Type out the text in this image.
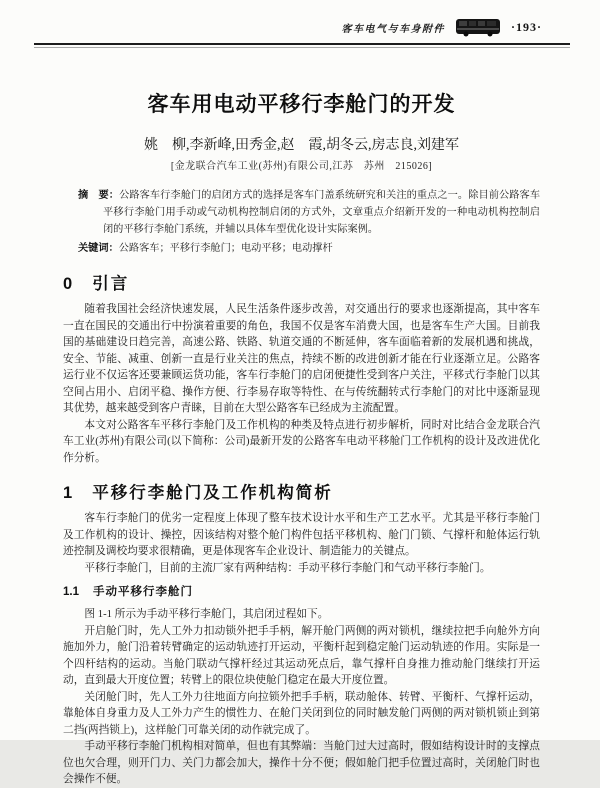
客车电气与车身附件	·193·
客车用电动平移行李舱门的开发
姚　柳,李新峰,田秀金,赵　霞,胡冬云,房志良,刘建军
[金龙联合汽车工业(苏州)有限公司,江苏　苏州　215026]
摘　要：公路客车行李舱门的启闭方式的选择是客车门盖系统研究和关注的重点之一。除目前公路客车平移行李舱门用手动或气动机构控制启闭的方式外，文章重点介绍新开发的一种电动机构控制启闭的平移行李舱门系统，并辅以具体车型优化设计实际案例。
关键词：公路客车；平移行李舱门；电动平移；电动撑杆
0 引言

随着我国社会经济快速发展，人民生活条件逐步改善，对交通出行的要求也逐渐提高，其中客车一直在国民的交通出行中扮演着重要的角色，我国不仅是客车消费大国，也是客车生产大国。目前我国的基础建设日趋完善，高速公路、铁路、轨道交通的不断延伸，客车面临着新的发展机遇和挑战，安全、节能、减重、创新一直是行业关注的焦点，持续不断的改进创新才能在行业逐渐立足。公路客运行业不仅运客还要兼顾运货功能，客车行李舱门的启闭便捷性受到客户关注，平移式行李舱门以其空间占用小、启闭平稳、操作方便、行李易存取等特性、在与传统翻转式行李舱门的对比中逐渐显现其优势，越来越受到客户青睐，目前在大型公路客车已经成为主流配置。

本文对公路客车平移行李舱门及工作机构的种类及特点进行初步解析，同时对比结合金龙联合汽车工业(苏州)有限公司(以下简称：公司)最新开发的公路客车电动平移舱门工作机构的设计及改进优化作分析。

1 平移行李舱门及工作机构简析

客车行李舱门的优劣一定程度上体现了整车技术设计水平和生产工艺水平。尤其是平移行李舱门及工作机构的设计、操控，因该结构对整个舱门构件包括平移机构、舱门门锁、气撑杆和舱体运行轨迹控制及调校均要求很精确，更是体现客车企业设计、制造能力的关键点。

平移行李舱门，目前的主流厂家有两种结构：手动平移行李舱门和气动平移行李舱门。

1.1 手动平移行李舱门

图 1-1 所示为手动平移行李舱门，其启闭过程如下。

开启舱门时，先人工外力扣动锁外把手手柄，解开舱门两侧的两对锁机，继续拉把手向舱外方向施加外力，舱门沿着转臂确定的运动轨迹打开运动，平衡杆起到稳定舱门运动轨迹的作用。实际是一个四杆结构的运动。当舱门联动气撑杆经过其运动死点后，靠气撑杆自身推力推动舱门继续打开运动，直到最大开度位置；转臂上的限位块使舱门稳定在最大开度位置。

关闭舱门时，先人工外力往地面方向拉锁外把手手柄，联动舱体、转臂、平衡杆、气撑杆运动，靠舱体自身重力及人工外力产生的惯性力、在舱门关闭到位的同时触发舱门两侧的两对锁机锁止到第二挡(两挡锁上)，这样舱门可靠关闭的动作就完成了。

手动平移行李舱门机构相对简单，但也有其弊端：当舱门过大过高时，假如结构设计时的支撑点位也欠合理，则开门力、关门力都会加大，操作十分不便；假如舱门把手位置过高时，关闭舱门时也会操作不便。
